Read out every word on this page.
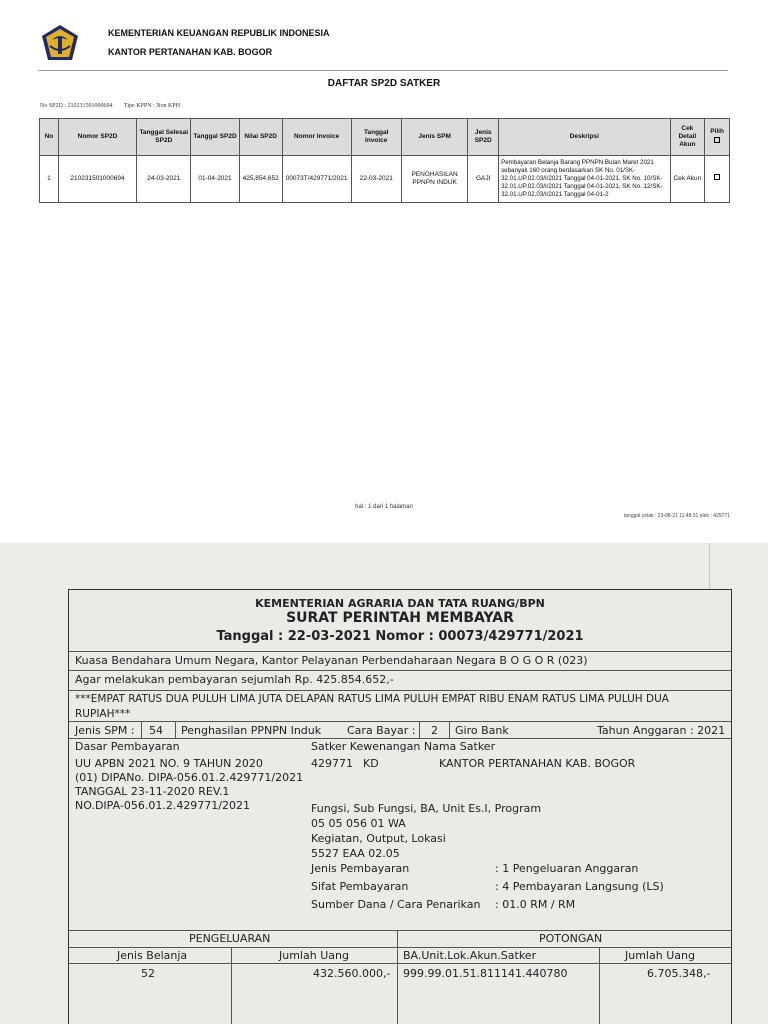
KEMENTERIAN KEUANGAN REPUBLIK INDONESIA
KANTOR PERTANAHAN KAB. BOGOR
DAFTAR SP2D SATKER
No SP2D : 210231501000694 Tipe KPPN : Non KPH
No	Nomor SP2D	Tanggal Selesai SP2D	Tanggal SP2D	Nilai SP2D	Nomor Invoice	Tanggal Invoice	Jenis SPM	Jenis SP2D	Deskripsi	Cek Detail Akun	Pilih

1	210231501000694	24-03-2021	01-04-2021	425,854,652	00073T/429771/2021	22-03-2021	PENGHASILAN PPNPN INDUK	GAJI	Pembayaran Belanja Barang PPNPN Bulan Maret 2021 sebanyak 160 orang berdasarkan SK No. 01/SK-32.01.UP.02.03/I/2021 Tanggal 04-01-2021, SK No. 10/SK-32.01.UP.02.03/I/2021 Tanggal 04-01-2021, SK No. 12/SK-32.01.UP.02.03/I/2021 Tanggal 04-01-2	Cek Akun	
hal : 1 dari 1 halaman
tanggal cetak : 23-08-21 11:48:31 oleh : 429771
KEMENTERIAN AGRARIA DAN TATA RUANG/BPN
SURAT PERINTAH MEMBAYAR
Tanggal : 22-03-2021 Nomor : 00073/429771/2021
Kuasa Bendahara Umum Negara, Kantor Pelayanan Perbendaharaan Negara B O G O R (023)
Agar melakukan pembayaran sejumlah Rp. 425.854.652,-
***EMPAT RATUS DUA PULUH LIMA JUTA DELAPAN RATUS LIMA PULUH EMPAT RIBU ENAM RATUS LIMA PULUH DUA
RUPIAH***
Jenis SPM : 54 Penghasilan PPNPN Induk Cara Bayar : 2 Giro Bank	Tahun Anggaran : 2021
Dasar Pembayaran
UU APBN 2021 NO. 9 TAHUN 2020
(01) DIPANo. DIPA-056.01.2.429771/2021
TANGGAL 23-11-2020 REV.1
NO.DIPA-056.01.2.429771/2021
Satker Kewenangan Nama Satker
429771 KD	KANTOR PERTANAHAN KAB. BOGOR
Fungsi, Sub Fungsi, BA, Unit Es.I, Program
05 05 056 01 WA
Kegiatan, Output, Lokasi
5527 EAA 02.05
Jenis Pembayaran	: 1 Pengeluaran Anggaran
Sifat Pembayaran	: 4 Pembayaran Langsung (LS)
Sumber Dana / Cara Penarikan : 01.0 RM / RM
PENGELUARAN	POTONGAN
Jenis Belanja	Jumlah Uang	BA.Unit.Lok.Akun.Satker	Jumlah Uang
52	432.560.000,- 999.99.01.51.811141.440780	6.705.348,-
